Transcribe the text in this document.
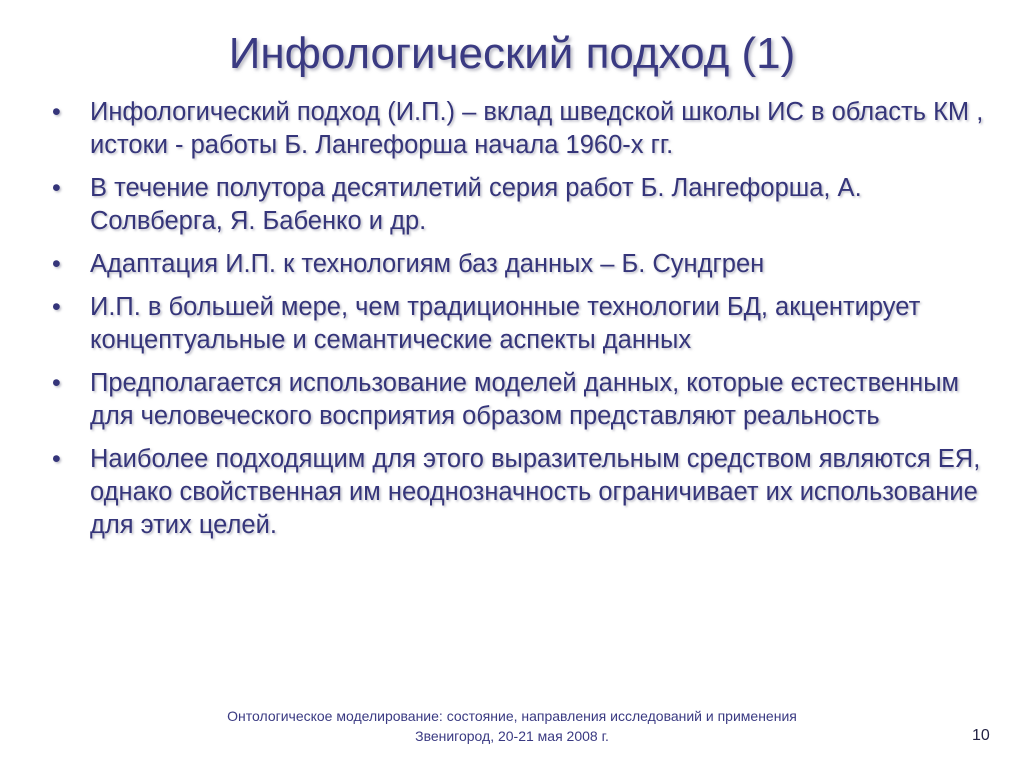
Инфологический подход (1)
• Инфологический подход (И.П.) – вклад шведской школы ИС в область КМ , истоки - работы Б. Лангефорша начала 1960-х гг.
• В течение полутора десятилетий серия работ Б. Лангефорша, А. Солвберга, Я. Бабенко и др.
• Адаптация И.П. к технологиям баз данных – Б. Сундгрен
• И.П. в большей мере, чем традиционные технологии БД, акцентирует концептуальные и семантические аспекты данных
• Предполагается использование моделей данных, которые естественным для человеческого восприятия образом представляют реальность
• Наиболее подходящим для этого выразительным средством являются ЕЯ, однако свойственная им неоднозначность ограничивает их использование для этих целей.
Онтологическое моделирование: состояние, направления исследований и применения
Звенигород, 20-21 мая 2008 г.	10
